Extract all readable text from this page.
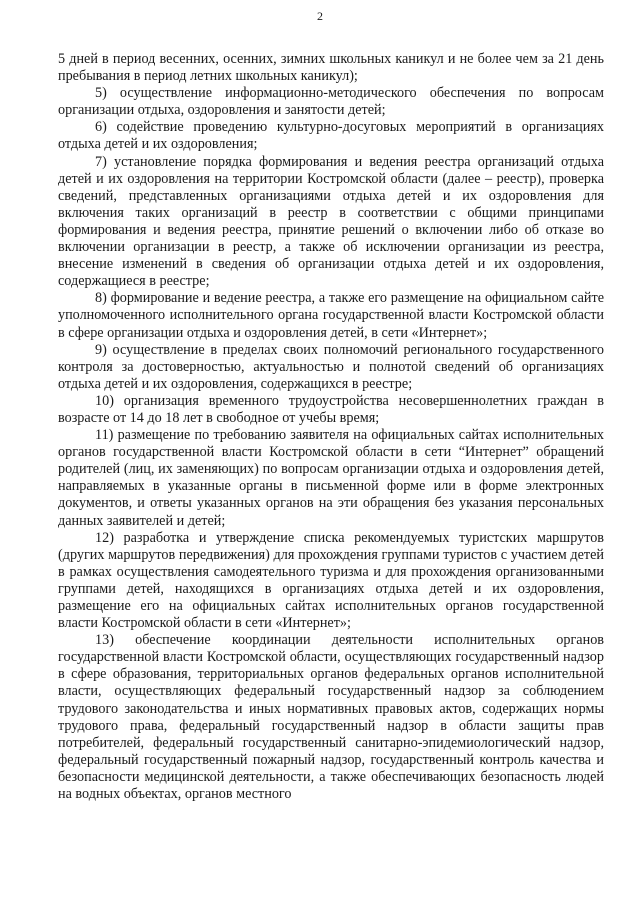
2

5 дней в период весенних, осенних, зимних школьных каникул и не более чем за 21 день пребывания в период летних школьных каникул);

5) осуществление информационно-методического обеспечения по вопросам организации отдыха, оздоровления и занятости детей;

6) содействие проведению культурно-досуговых мероприятий в организациях отдыха детей и их оздоровления;

7) установление порядка формирования и ведения реестра организаций отдыха детей и их оздоровления на территории Костромской области (далее – реестр), проверка сведений, представленных организациями отдыха детей и их оздоровления для включения таких организаций в реестр в соответствии с общими принципами формирования и ведения реестра, принятие решений о включении либо об отказе во включении организации в реестр, а также об исключении организации из реестра, внесение изменений в сведения об организации отдыха детей и их оздоровления, содержащиеся в реестре;

8) формирование и ведение реестра, а также его размещение на официальном сайте уполномоченного исполнительного органа государственной власти Костромской области в сфере организации отдыха и оздоровления детей, в сети «Интернет»;

9) осуществление в пределах своих полномочий регионального государственного контроля за достоверностью, актуальностью и полнотой сведений об организациях отдыха детей и их оздоровления, содержащихся в реестре;

10) организация временного трудоустройства несовершеннолетних граждан в возрасте от 14 до 18 лет в свободное от учебы время;

11) размещение по требованию заявителя на официальных сайтах исполнительных органов государственной власти Костромской области в сети “Интернет” обращений родителей (лиц, их заменяющих) по вопросам организации отдыха и оздоровления детей, направляемых в указанные органы в письменной форме или в форме электронных документов, и ответы указанных органов на эти обращения без указания персональных данных заявителей и детей;

12) разработка и утверждение списка рекомендуемых туристских маршрутов (других маршрутов передвижения) для прохождения группами туристов с участием детей в рамках осуществления самодеятельного туризма и для прохождения организованными группами детей, находящихся в организациях отдыха детей и их оздоровления, размещение его на официальных сайтах исполнительных органов государственной власти Костромской области в сети «Интернет»;

13) обеспечение координации деятельности исполнительных органов государственной власти Костромской области, осуществляющих государственный надзор в сфере образования, территориальных органов федеральных органов исполнительной власти, осуществляющих федеральный государственный надзор за соблюдением трудового законодательства и иных нормативных правовых актов, содержащих нормы трудового права, федеральный государственный надзор в области защиты прав потребителей, федеральный государственный санитарно-эпидемиологический надзор, федеральный государственный пожарный надзор, государственный контроль качества и безопасности медицинской деятельности, а также обеспечивающих безопасность людей на водных объектах, органов местного
